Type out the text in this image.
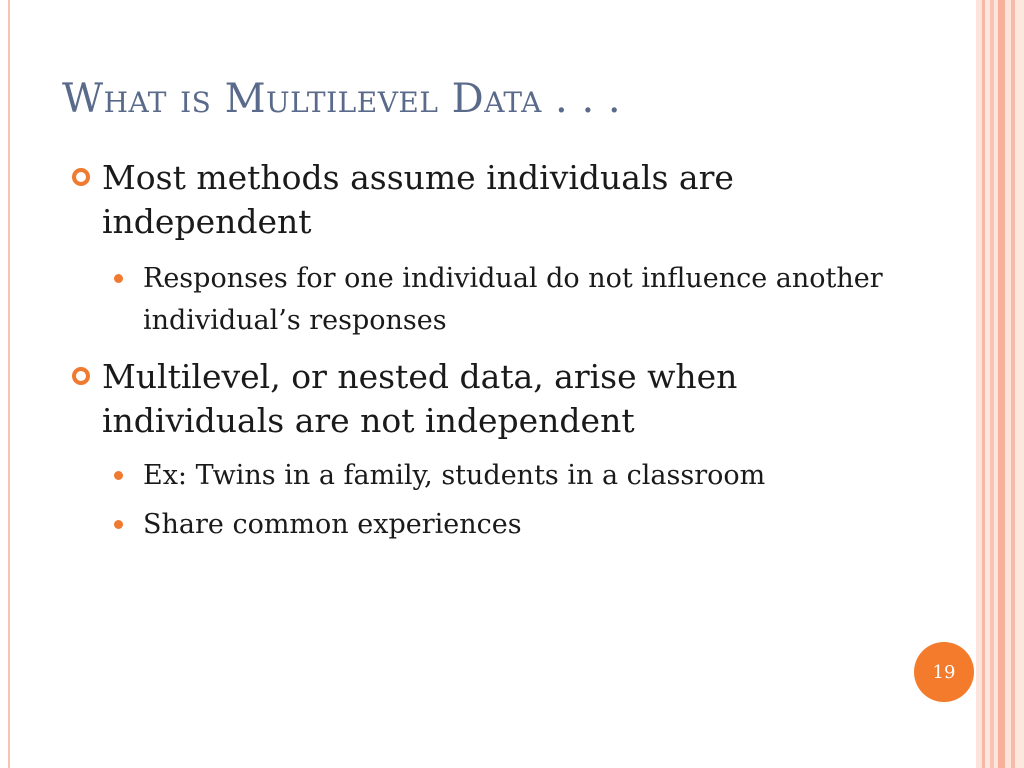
What is Multilevel Data . . .
Most methods assume individuals are independent
Responses for one individual do not influence another individual’s responses
Multilevel, or nested data, arise when individuals are not independent
Ex: Twins in a family, students in a classroom
Share common experiences
19
